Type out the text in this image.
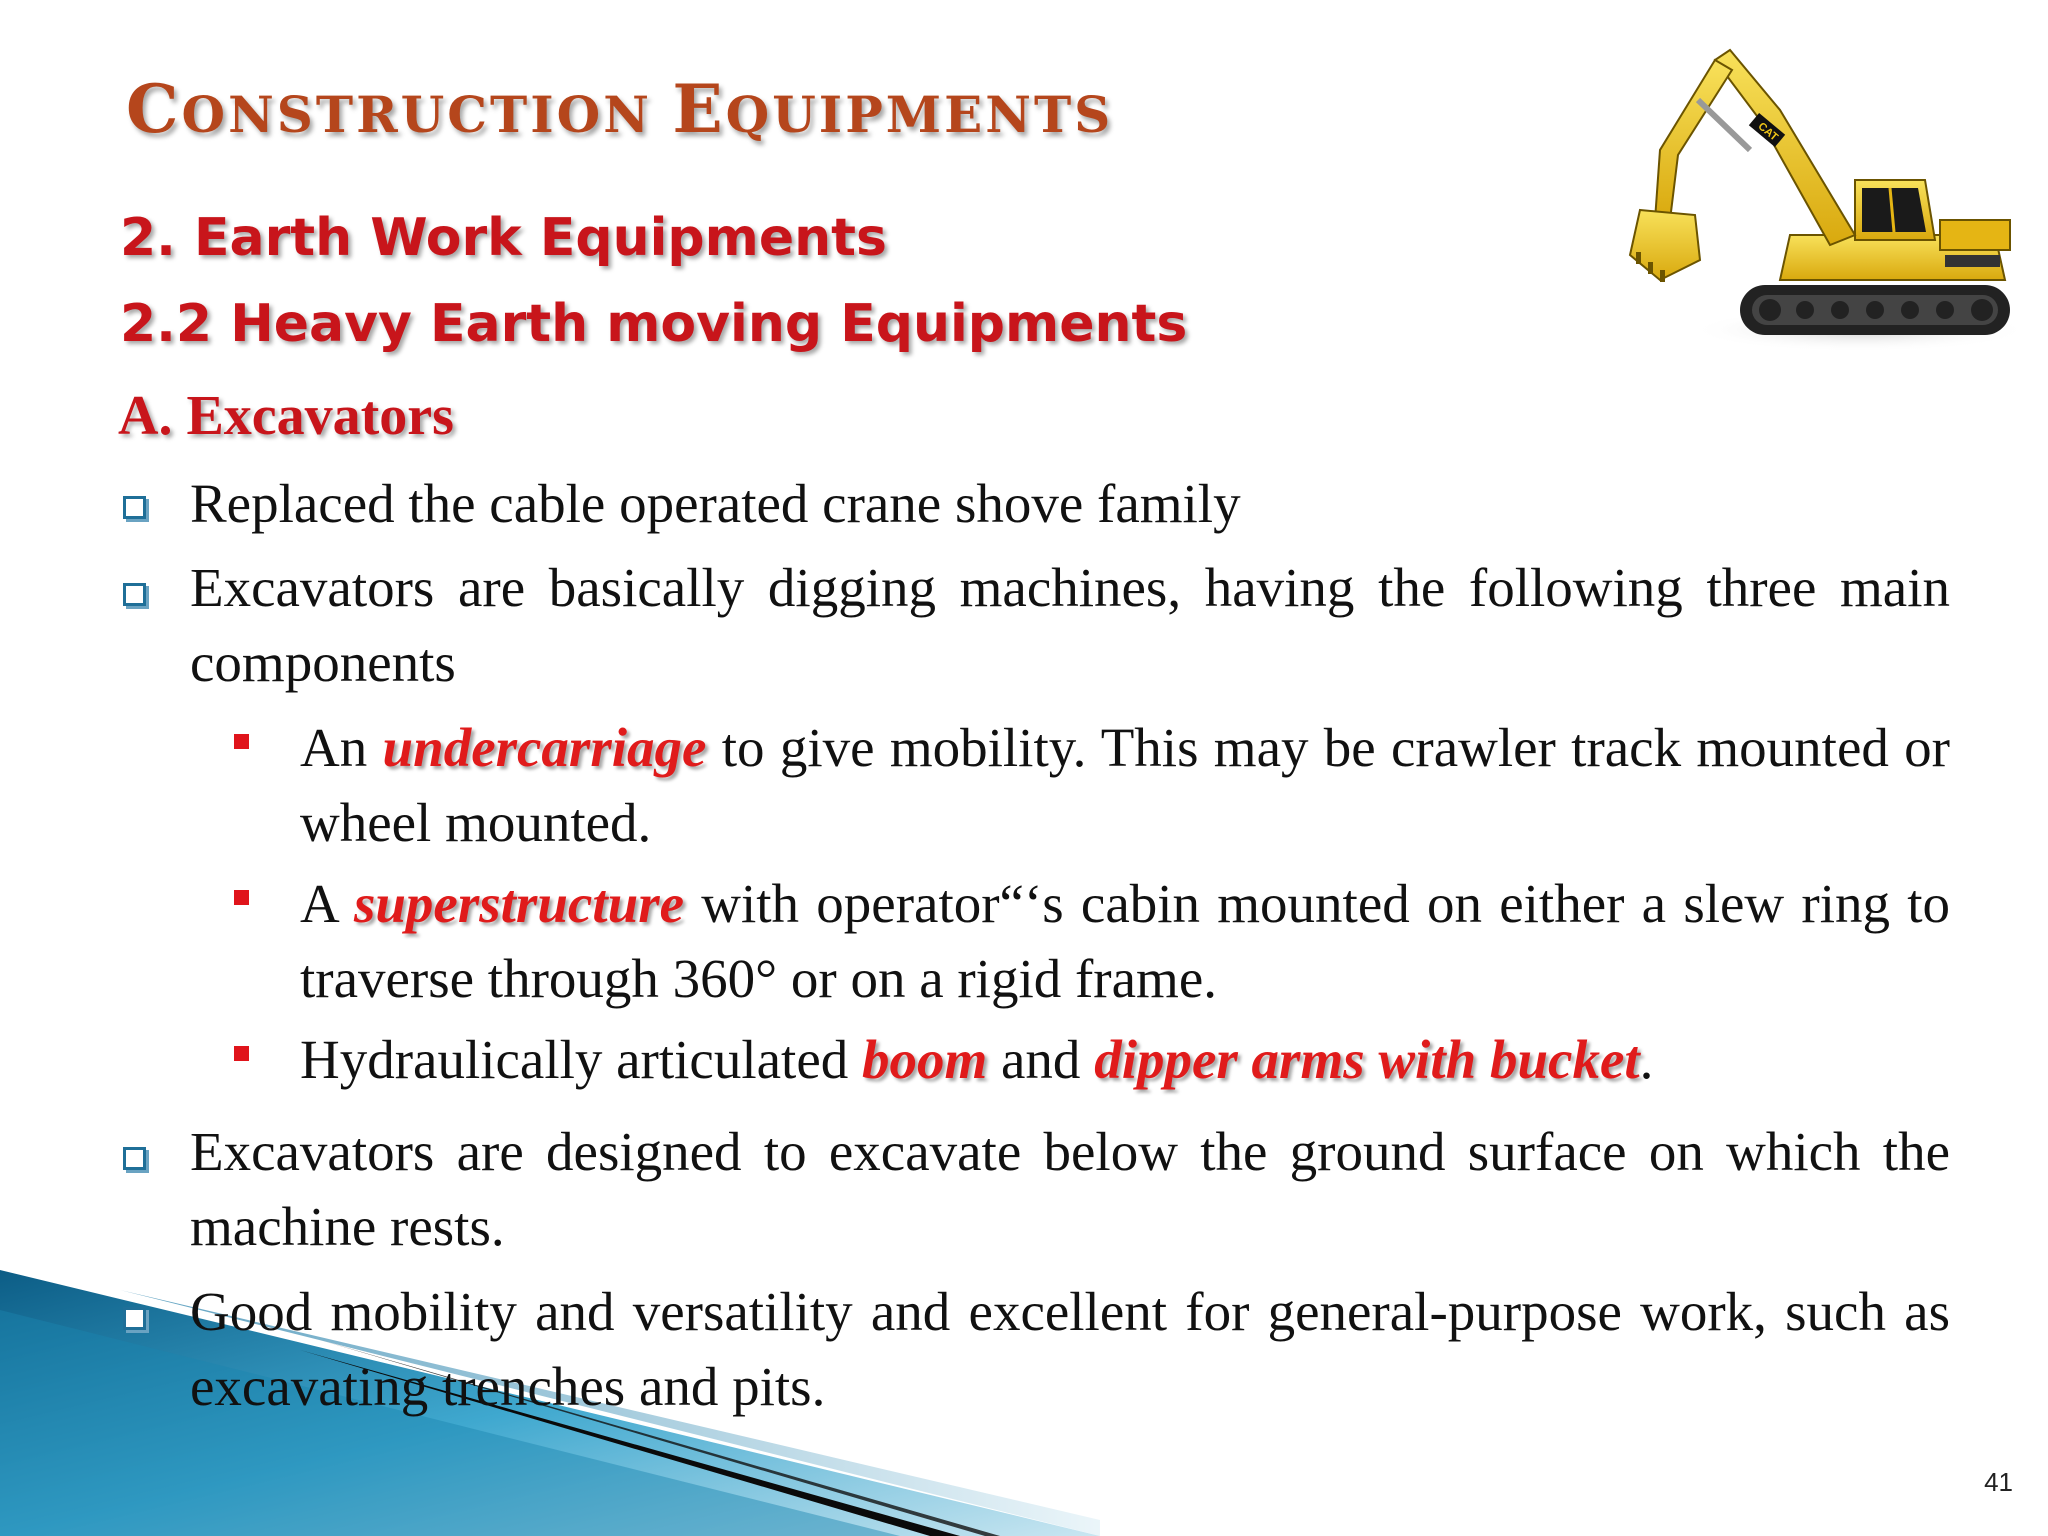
CONSTRUCTION EQUIPMENTS
2. Earth Work Equipments
2.2 Heavy Earth moving Equipments
A. Excavators
CAT
Replaced the cable operated crane shove family
Excavators are basically digging machines, having the following three main components
An undercarriage to give mobility. This may be crawler track mounted or wheel mounted.
A superstructure with operator“‘s cabin mounted on either a slew ring to traverse through 360° or on a rigid frame.
Hydraulically articulated boom and dipper arms with bucket.
Excavators are designed to excavate below the ground surface on which the machine rests.
Good mobility and versatility and excellent for general-purpose work, such as excavating trenches and pits.
41
